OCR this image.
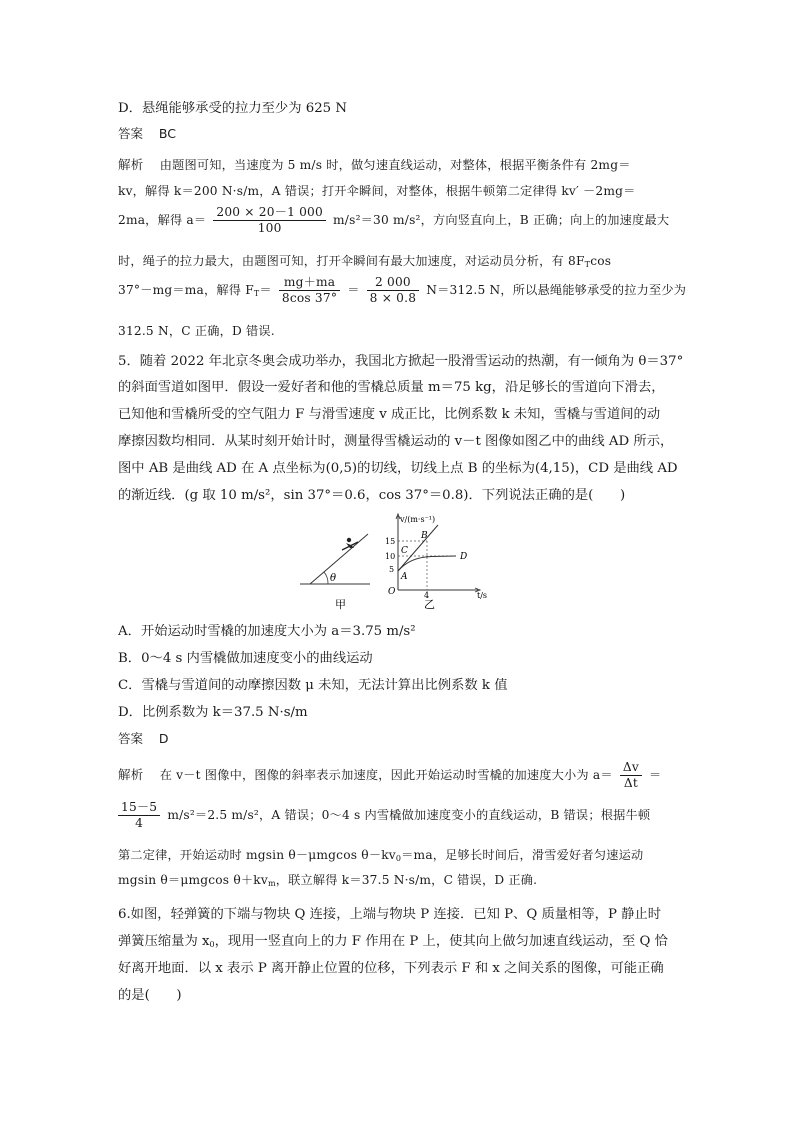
D．悬绳能够承受的拉力至少为 625 N
答案 BC
解析 由题图可知，当速度为 5 m/s 时，做匀速直线运动，对整体，根据平衡条件有 2mg＝
kv，解得 k＝200 N·s/m，A 错误；打开伞瞬间，对整体，根据牛顿第二定律得 kv′ －2mg＝
2ma，解得 $a= \frac{200 \times 20-1 000}{100} m/s^2=30$ m/s²，方向竖直向上，B 正确；向上的加速度最大
时，绳子的拉力最大，由题图可知，打开伞瞬间有最大加速度，对运动员分析，有 $8F_T\cos$
37°－mg＝ma，解得 $F_T= \frac{mg+ma}{8\cos 37^\circ} = \frac{2 000}{8 \times 0.8} N=312.5$ N，所以悬绳能够承受的拉力至少为
312.5 N，C 正确，D 错误.
5．随着 2022 年北京冬奥会成功举办，我国北方掀起一股滑雪运动的热潮，有一倾角为 θ＝37°
的斜面雪道如图甲．假设一爱好者和他的雪橇总质量 m＝75 kg，沿足够长的雪道向下滑去，
已知他和雪橇所受的空气阻力 F 与滑雪速度 v 成正比，比例系数 k 未知，雪橇与雪道间的动
摩擦因数均相同．从某时刻开始计时，测量得雪橇运动的 v－t 图像如图乙中的曲线 AD 所示，
图中 AB 是曲线 AD 在 A 点坐标为(0,5)的切线，切线上点 B 的坐标为(4,15)，CD 是曲线 AD
的渐近线．(g 取 10 m/s²，sin 37°＝0.6，cos 37°＝0.8)．下列说法正确的是(　　)
θ
甲
v/(m·s⁻¹)
t/s
O
15
10
5
4
A
B
C
D
乙
A．开始运动时雪橇的加速度大小为 a＝3.75 m/s²
B．0～4 s 内雪橇做加速度变小的曲线运动
C．雪橇与雪道间的动摩擦因数 μ 未知，无法计算出比例系数 k 值
D．比例系数为 k＝37.5 N·s/m
答案 D
解析 在 v－t 图像中，图像的斜率表示加速度，因此开始运动时雪橇的加速度大小为 $a= \frac{\Delta v}{\Delta t}$ ＝
$\frac{15-5}{4} m/s^2=2.5$ m/s²，A 错误；0～4 s 内雪橇做加速度变小的直线运动，B 错误；根据牛顿
第二定律，开始运动时 mgsin θ－μmgcos $\theta-kv_0=ma$，足够长时间后，滑雪爱好者匀速运动
mgsin θ＝μmgcos $\theta+kv_m$，联立解得 k＝37.5 N·s/m，C 错误，D 正确.
6.如图，轻弹簧的下端与物块 Q 连接，上端与物块 P 连接．已知 P、Q 质量相等，P 静止时
弹簧压缩量为 $x_0$，现用一竖直向上的力 F 作用在 P 上，使其向上做匀加速直线运动，至 Q 恰
好离开地面．以 x 表示 P 离开静止位置的位移，下列表示 F 和 x 之间关系的图像，可能正确
的是(　　)
